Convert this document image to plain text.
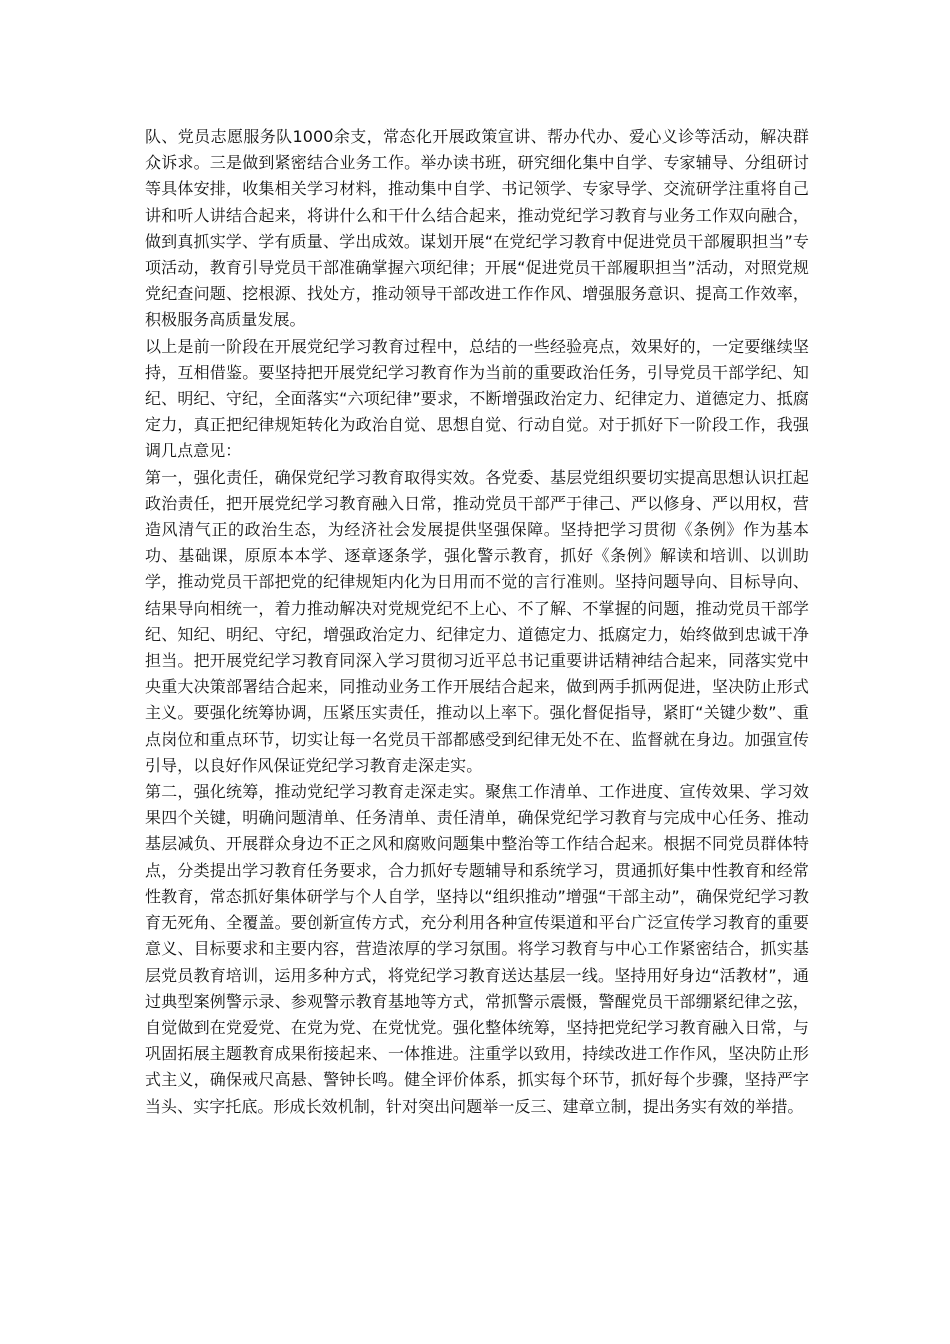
队、党员志愿服务队1000余支，常态化开展政策宣讲、帮办代办、爱心义诊等活动，解决群众诉求。三是做到紧密结合业务工作。举办读书班，研究细化集中自学、专家辅导、分组研讨等具体安排，收集相关学习材料，推动集中自学、书记领学、专家导学、交流研学注重将自己讲和听人讲结合起来，将讲什么和干什么结合起来，推动党纪学习教育与业务工作双向融合，做到真抓实学、学有质量、学出成效。谋划开展“在党纪学习教育中促进党员干部履职担当”专项活动，教育引导党员干部准确掌握六项纪律；开展“促进党员干部履职担当”活动，对照党规党纪查问题、挖根源、找处方，推动领导干部改进工作作风、增强服务意识、提高工作效率，积极服务高质量发展。

以上是前一阶段在开展党纪学习教育过程中，总结的一些经验亮点，效果好的，一定要继续坚持，互相借鉴。要坚持把开展党纪学习教育作为当前的重要政治任务，引导党员干部学纪、知纪、明纪、守纪，全面落实“六项纪律”要求，不断增强政治定力、纪律定力、道德定力、抵腐定力，真正把纪律规矩转化为政治自觉、思想自觉、行动自觉。对于抓好下一阶段工作，我强调几点意见：

第一，强化责任，确保党纪学习教育取得实效。各党委、基层党组织要切实提高思想认识扛起政治责任，把开展党纪学习教育融入日常，推动党员干部严于律己、严以修身、严以用权，营造风清气正的政治生态，为经济社会发展提供坚强保障。坚持把学习贯彻《条例》作为基本功、基础课，原原本本学、逐章逐条学，强化警示教育，抓好《条例》解读和培训、以训助学，推动党员干部把党的纪律规矩内化为日用而不觉的言行准则。坚持问题导向、目标导向、结果导向相统一，着力推动解决对党规党纪不上心、不了解、不掌握的问题，推动党员干部学纪、知纪、明纪、守纪，增强政治定力、纪律定力、道德定力、抵腐定力，始终做到忠诚干净担当。把开展党纪学习教育同深入学习贯彻习近平总书记重要讲话精神结合起来，同落实党中央重大决策部署结合起来，同推动业务工作开展结合起来，做到两手抓两促进，坚决防止形式主义。要强化统筹协调，压紧压实责任，推动以上率下。强化督促指导，紧盯“关键少数”、重点岗位和重点环节，切实让每一名党员干部都感受到纪律无处不在、监督就在身边。加强宣传引导，以良好作风保证党纪学习教育走深走实。

第二，强化统筹，推动党纪学习教育走深走实。聚焦工作清单、工作进度、宣传效果、学习效果四个关键，明确问题清单、任务清单、责任清单，确保党纪学习教育与完成中心任务、推动基层减负、开展群众身边不正之风和腐败问题集中整治等工作结合起来。根据不同党员群体特点，分类提出学习教育任务要求，合力抓好专题辅导和系统学习，贯通抓好集中性教育和经常性教育，常态抓好集体研学与个人自学，坚持以“组织推动”增强“干部主动”，确保党纪学习教育无死角、全覆盖。要创新宣传方式，充分利用各种宣传渠道和平台广泛宣传学习教育的重要意义、目标要求和主要内容，营造浓厚的学习氛围。将学习教育与中心工作紧密结合，抓实基层党员教育培训，运用多种方式，将党纪学习教育送达基层一线。坚持用好身边“活教材”，通过典型案例警示录、参观警示教育基地等方式，常抓警示震慑，警醒党员干部绷紧纪律之弦，自觉做到在党爱党、在党为党、在党忧党。强化整体统筹，坚持把党纪学习教育融入日常，与巩固拓展主题教育成果衔接起来、一体推进。注重学以致用，持续改进工作作风，坚决防止形式主义，确保戒尺高悬、警钟长鸣。健全评价体系，抓实每个环节，抓好每个步骤，坚持严字当头、实字托底。形成长效机制，针对突出问题举一反三、建章立制，提出务实有效的举措。
